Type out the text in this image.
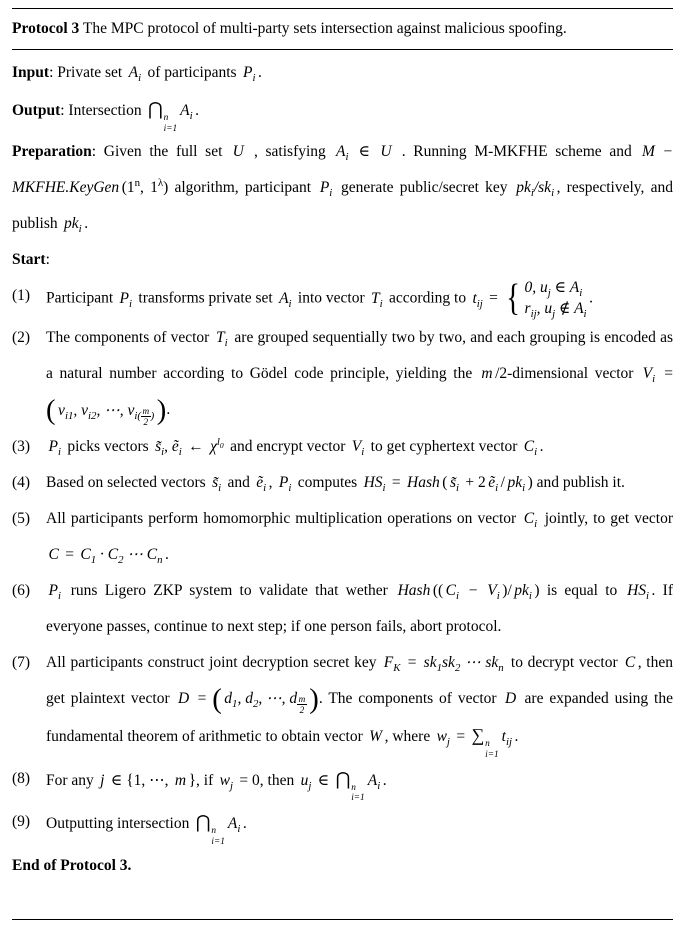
Protocol 3 The MPC protocol of multi-party sets intersection against malicious spoofing.

Input: Private set $A_i$ of participants $P_i$ .

Output: Intersection ⋂ n
i=1
$A_i$ .

Preparation: Given the full set U , satisfying $A_i$ ∈ U . Running M-MKFHE scheme and M − MKFHE.KeyGen (1$^n$, $1^\lambda$) algorithm, participant $P_i$ generate public/secret key $pk_i/sk_i$ , respectively, and publish $pk_i$ .

Start:

(1)	Participant $P_i$ transforms private set $A_i$ into vector $T_i$ according to $t_{ij}$ = { 0, $u_j$ ∈ $A_i$
$r_{ij}$, $u_j$ ∉ $A_i$
.
(2)	The components of vector $T_i$ are grouped sequentially two by two, and each grouping is encoded as a natural number according to Gödel code principle, yielding the m /2-dimensional vector $V_i$ =
( $v_{i1}$, $v_{i2}$, ⋯, $v_{i( \frac{m}{2} )}$ ) .
(3)	$P_i$ picks vectors $s̃_i$, ẽ$_i$ ← $\chi^{l_0}$ and encrypt vector $V_i$ to get cyphertext vector $C_i$ .
(4)	Based on selected vectors $s̃_i$ and ẽ$_i$ , $P_i$ computes $HS_i$ = Hash ( $s̃_i + 2$ ẽ$_i$ / $pk_i$ ) and publish it.
(5)	All participants perform homomorphic multiplication operations on vector $C_i$ jointly, to get vector $C = C_1 \cdot C_2$ ⋯ $C_n$ .
(6)	$P_i$ runs Ligero ZKP system to validate that wether Hash (( $C_i - V_i$ )/ $pk_i$ ) is equal to $HS_i$ . If everyone passes, continue to next step; if one person fails, abort protocol.
(7)	All participants construct joint decryption secret key $F_K = sk_1sk_2$ ⋯ $sk_n$ to decrypt vector C , then get plaintext vector D = ( $d_1$, $d_2$, ⋯, d $_{\frac{m}{2}}$ ) . The components of vector D are expanded using the fundamental theorem of arithmetic to obtain vector W , where $w_j$ = ∑ n
i=1
$t_{ij}$ .
(8)	For any j ∈ {1, ⋯, m }, if $w_j = 0$, then $u_j$ ∈ ⋂ n
i=1
$A_i$ .
(9)	Outputting intersection ⋂ n
i=1
$A_i$ .

End of Protocol 3.
